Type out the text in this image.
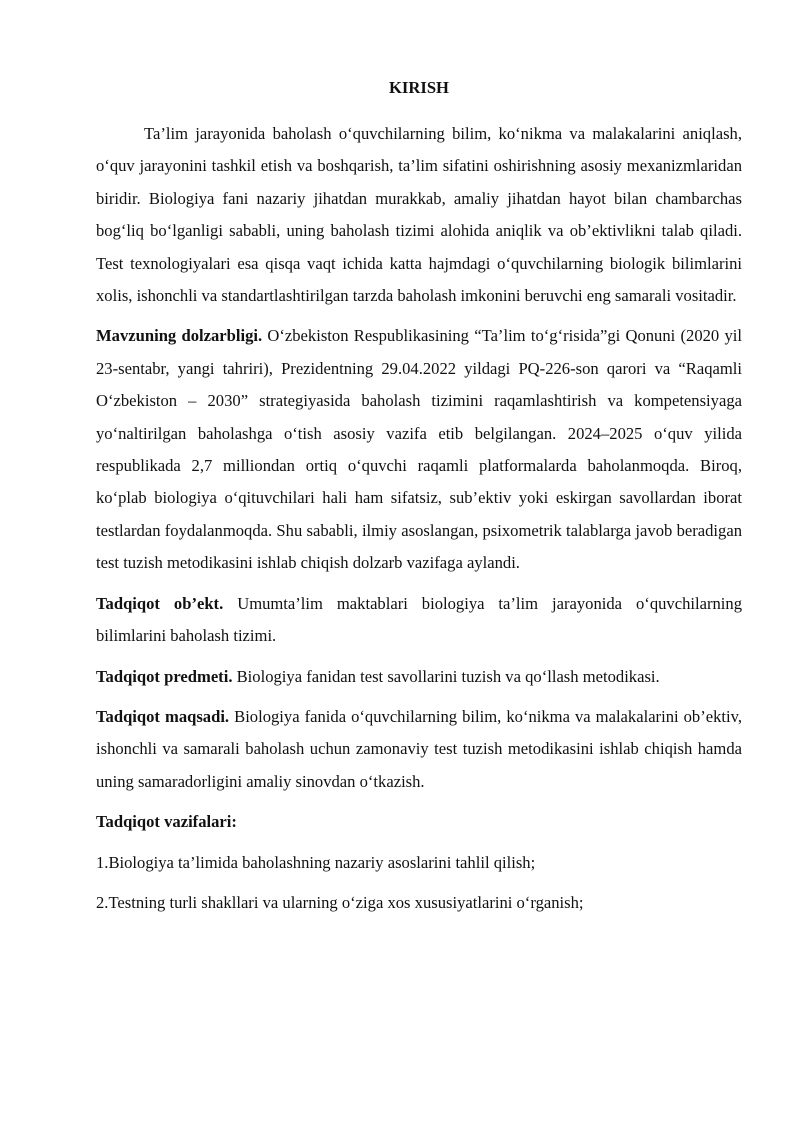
KIRISH

Ta’lim jarayonida baholash o‘quvchilarning bilim, ko‘nikma va malakalarini aniqlash, o‘quv jarayonini tashkil etish va boshqarish, ta’lim sifatini oshirishning asosiy mexanizmlaridan biridir. Biologiya fani nazariy jihatdan murakkab, amaliy jihatdan hayot bilan chambarchas bog‘liq bo‘lganligi sababli, uning baholash tizimi alohida aniqlik va ob’ektivlikni talab qiladi. Test texnologiyalari esa qisqa vaqt ichida katta hajmdagi o‘quvchilarning biologik bilimlarini xolis, ishonchli va standartlashtirilgan tarzda baholash imkonini beruvchi eng samarali vositadir.

Mavzuning dolzarbligi. O‘zbekiston Respublikasining “Ta’lim to‘g‘risida”gi Qonuni (2020 yil 23-sentabr, yangi tahriri), Prezidentning 29.04.2022 yildagi PQ-226-son qarori va “Raqamli O‘zbekiston – 2030” strategiyasida baholash tizimini raqamlashtirish va kompetensiyaga yo‘naltirilgan baholashga o‘tish asosiy vazifa etib belgilangan. 2024–2025 o‘quv yilida respublikada 2,7 milliondan ortiq o‘quvchi raqamli platformalarda baholanmoqda. Biroq, ko‘plab biologiya o‘qituvchilari hali ham sifatsiz, sub’ektiv yoki eskirgan savollardan iborat testlardan foydalanmoqda. Shu sababli, ilmiy asoslangan, psixometrik talablarga javob beradigan test tuzish metodikasini ishlab chiqish dolzarb vazifaga aylandi.

Tadqiqot ob’ekt. Umumta’lim maktablari biologiya ta’lim jarayonida o‘quvchilarning bilimlarini baholash tizimi.

Tadqiqot predmeti. Biologiya fanidan test savollarini tuzish va qo‘llash metodikasi.

Tadqiqot maqsadi. Biologiya fanida o‘quvchilarning bilim, ko‘nikma va malakalarini ob’ektiv, ishonchli va samarali baholash uchun zamonaviy test tuzish metodikasini ishlab chiqish hamda uning samaradorligini amaliy sinovdan o‘tkazish.

Tadqiqot vazifalari:

1.Biologiya ta’limida baholashning nazariy asoslarini tahlil qilish;

2.Testning turli shakllari va ularning o‘ziga xos xususiyatlarini o‘rganish;
